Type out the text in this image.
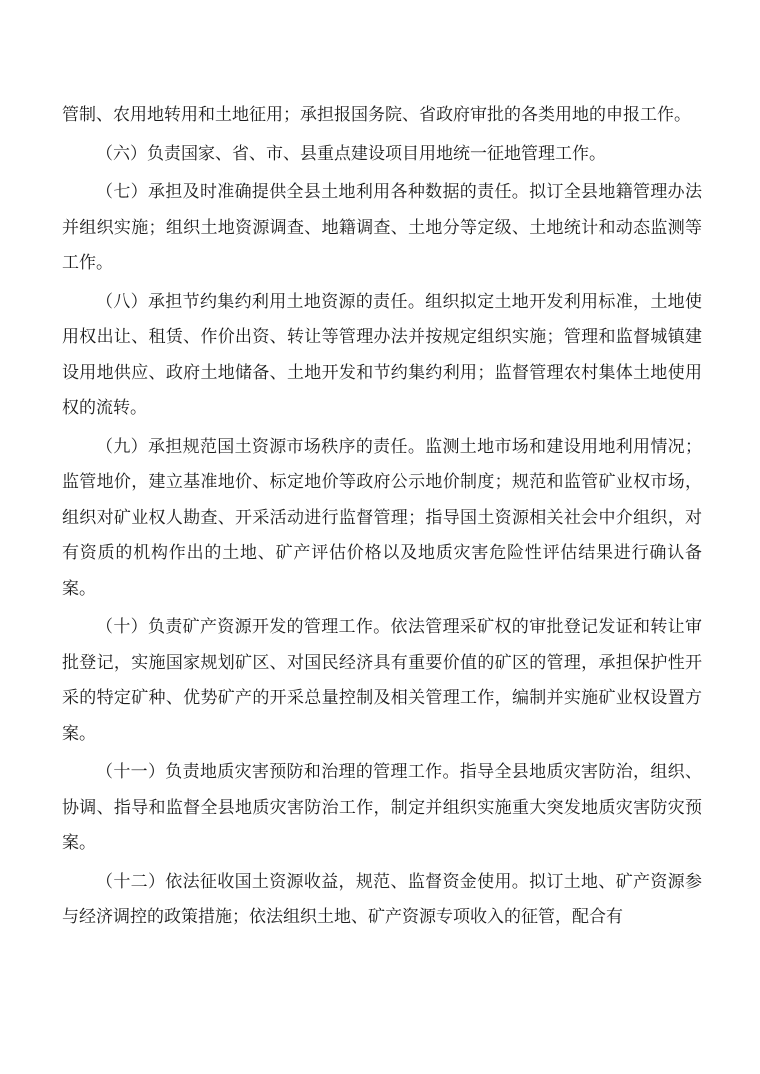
管制、农用地转用和土地征用；承担报国务院、省政府审批的各类用地的申报工作。

（六）负责国家、省、市、县重点建设项目用地统一征地管理工作。

（七）承担及时准确提供全县土地利用各种数据的责任。拟订全县地籍管理办法并组织实施；组织土地资源调查、地籍调查、土地分等定级、土地统计和动态监测等工作。

（八）承担节约集约利用土地资源的责任。组织拟定土地开发利用标准，土地使用权出让、租赁、作价出资、转让等管理办法并按规定组织实施；管理和监督城镇建设用地供应、政府土地储备、土地开发和节约集约利用；监督管理农村集体土地使用权的流转。

（九）承担规范国土资源市场秩序的责任。监测土地市场和建设用地利用情况；监管地价，建立基准地价、标定地价等政府公示地价制度；规范和监管矿业权市场，组织对矿业权人勘查、开采活动进行监督管理；指导国土资源相关社会中介组织，对有资质的机构作出的土地、矿产评估价格以及地质灾害危险性评估结果进行确认备案。

（十）负责矿产资源开发的管理工作。依法管理采矿权的审批登记发证和转让审批登记，实施国家规划矿区、对国民经济具有重要价值的矿区的管理，承担保护性开采的特定矿种、优势矿产的开采总量控制及相关管理工作，编制并实施矿业权设置方案。

（十一）负责地质灾害预防和治理的管理工作。指导全县地质灾害防治，组织、协调、指导和监督全县地质灾害防治工作，制定并组织实施重大突发地质灾害防灾预案。

（十二）依法征收国土资源收益，规范、监督资金使用。拟订土地、矿产资源参与经济调控的政策措施；依法组织土地、矿产资源专项收入的征管，配合有
